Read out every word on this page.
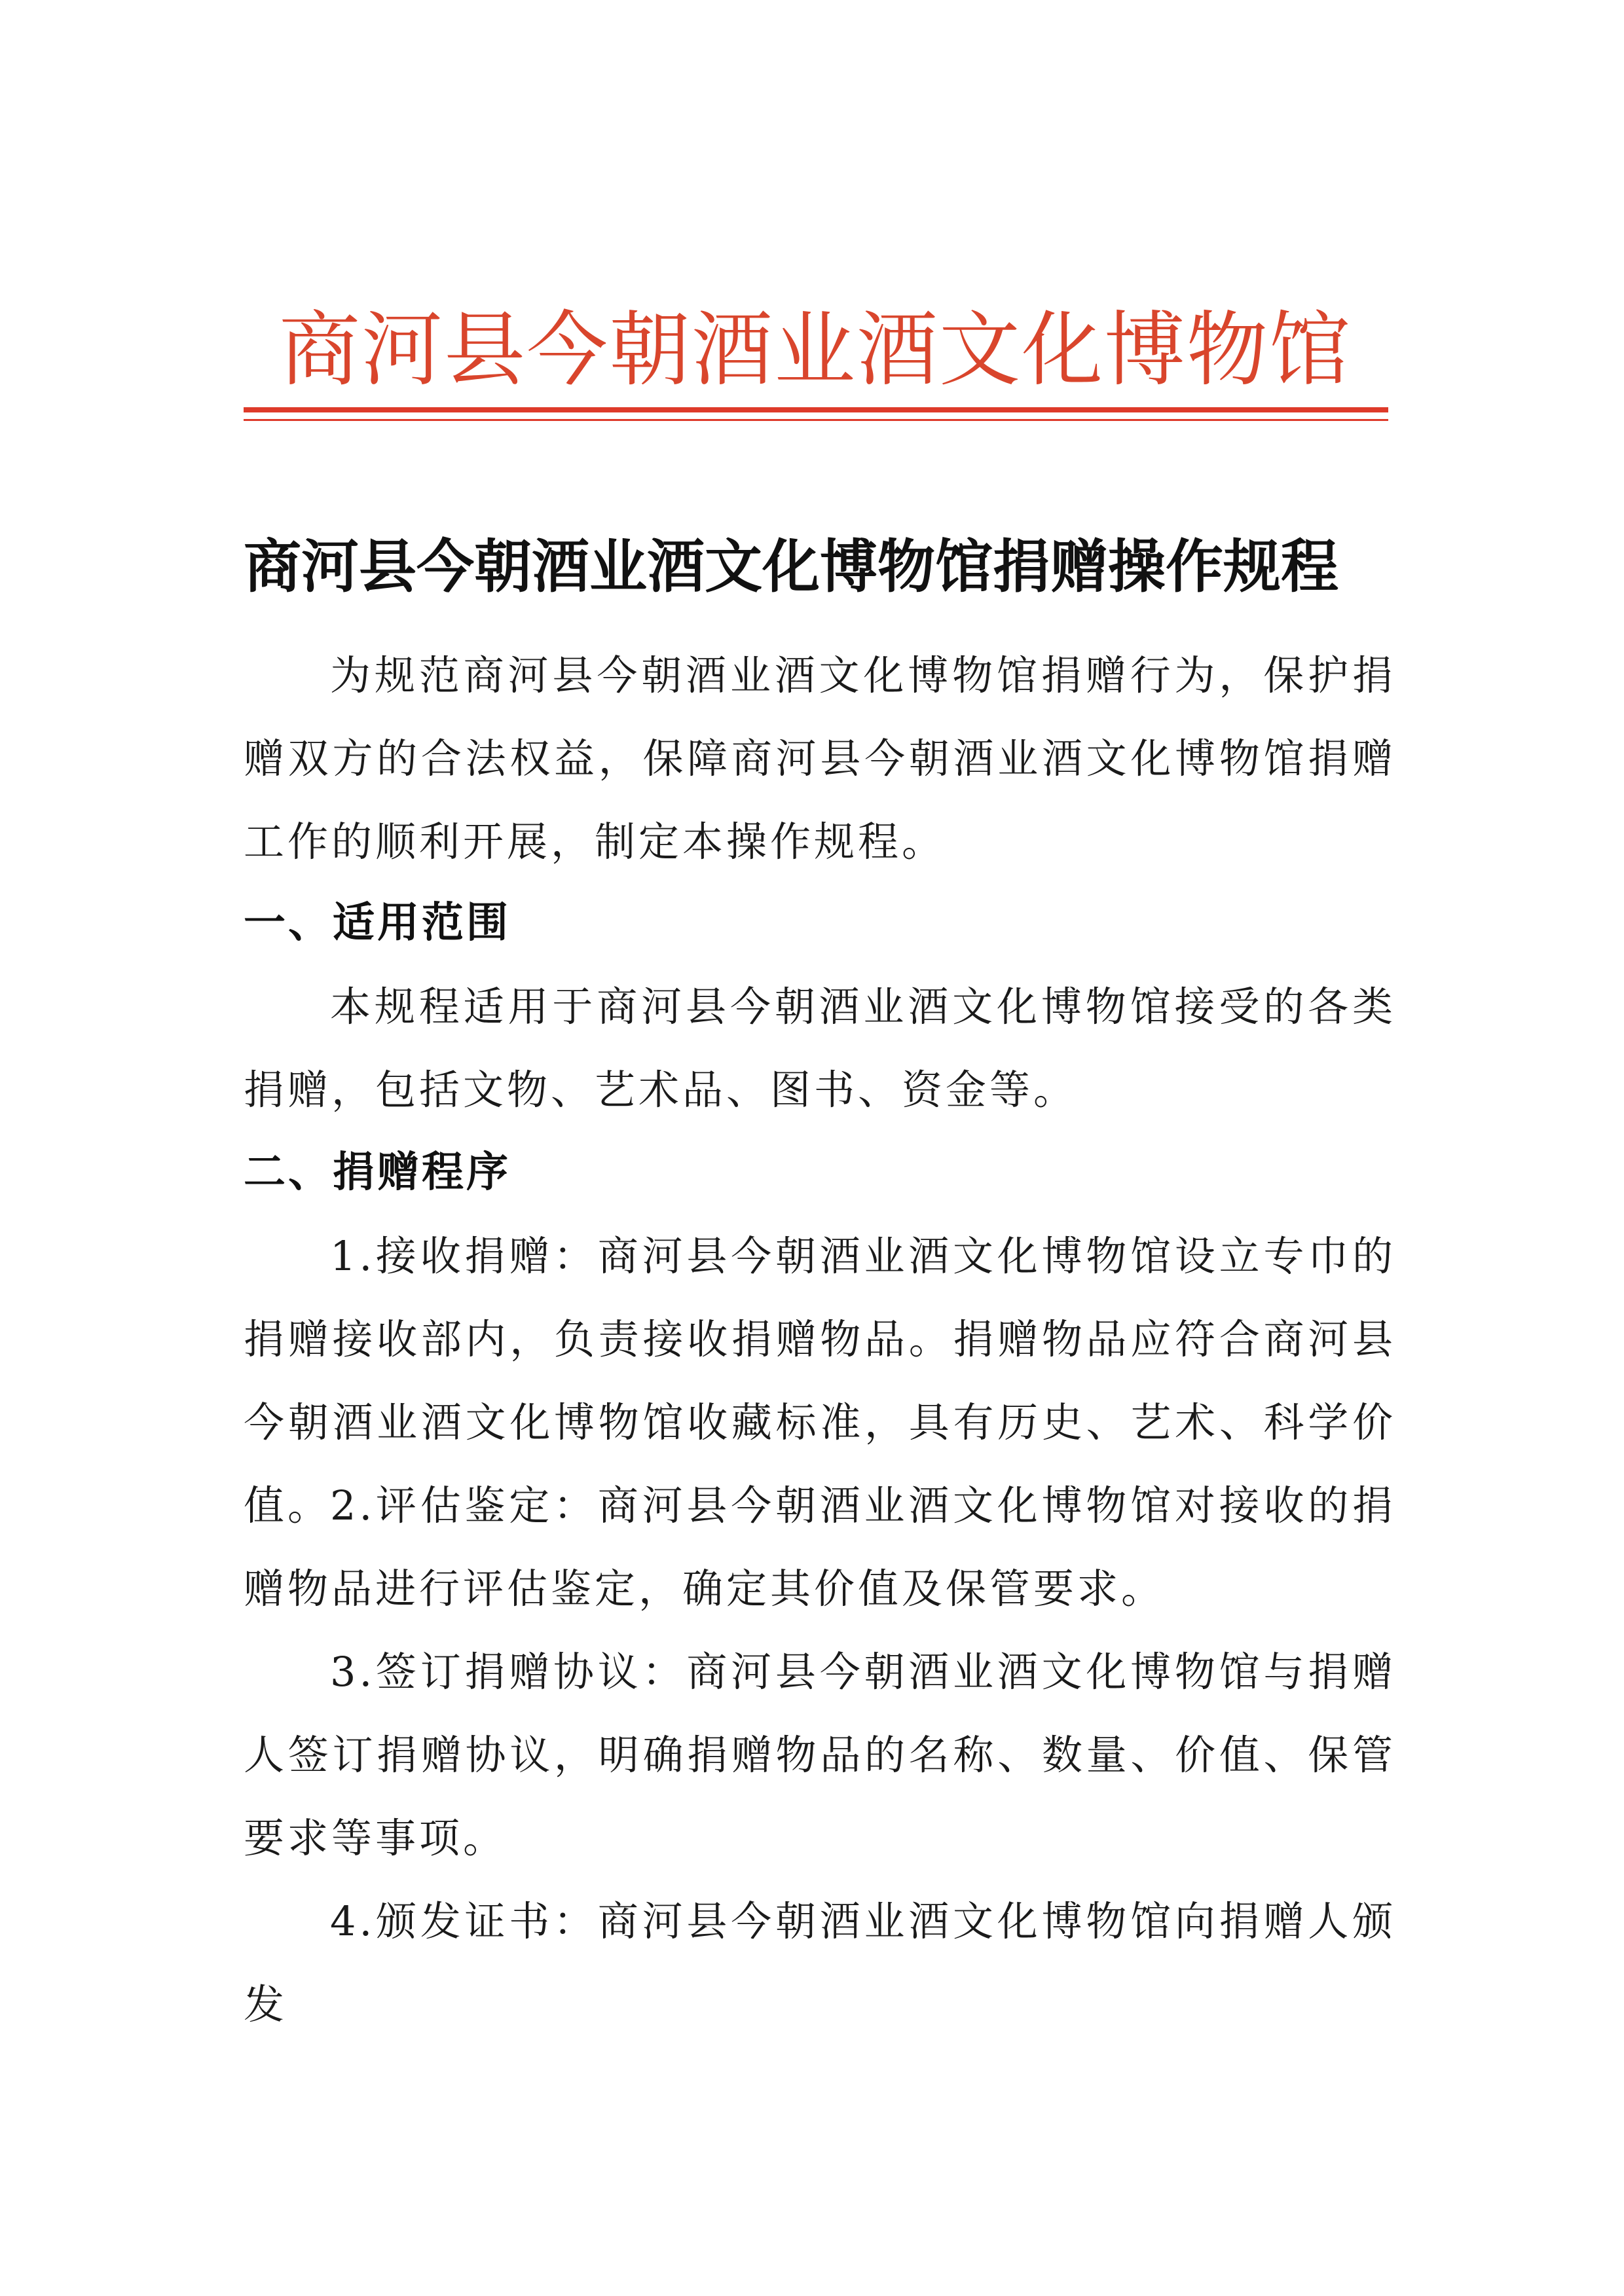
商河县今朝酒业酒文化博物馆
商河县今朝酒业酒文化博物馆捐赠操作规程
为规范商河县今朝酒业酒文化博物馆捐赠行为，保护捐赠双方的合法权益，保障商河县今朝酒业酒文化博物馆捐赠工作的顺利开展，制定本操作规程。
一、适用范围
本规程适用于商河县今朝酒业酒文化博物馆接受的各类捐赠，包括文物、艺术品、图书、资金等。
二、捐赠程序
1.接收捐赠：商河县今朝酒业酒文化博物馆设立专巾的捐赠接收部内，负责接收捐赠物品。捐赠物品应符合商河县今朝酒业酒文化博物馆收藏标准，具有历史、艺术、科学价值。
2.评估鉴定：商河县今朝酒业酒文化博物馆对接收的捐赠物品进行评估鉴定，确定其价值及保管要求。
3.签订捐赠协议：商河县今朝酒业酒文化博物馆与捐赠人签订捐赠协议，明确捐赠物品的名称、数量、价值、保管要求等事项。
4.颁发证书：商河县今朝酒业酒文化博物馆向捐赠人颁发
